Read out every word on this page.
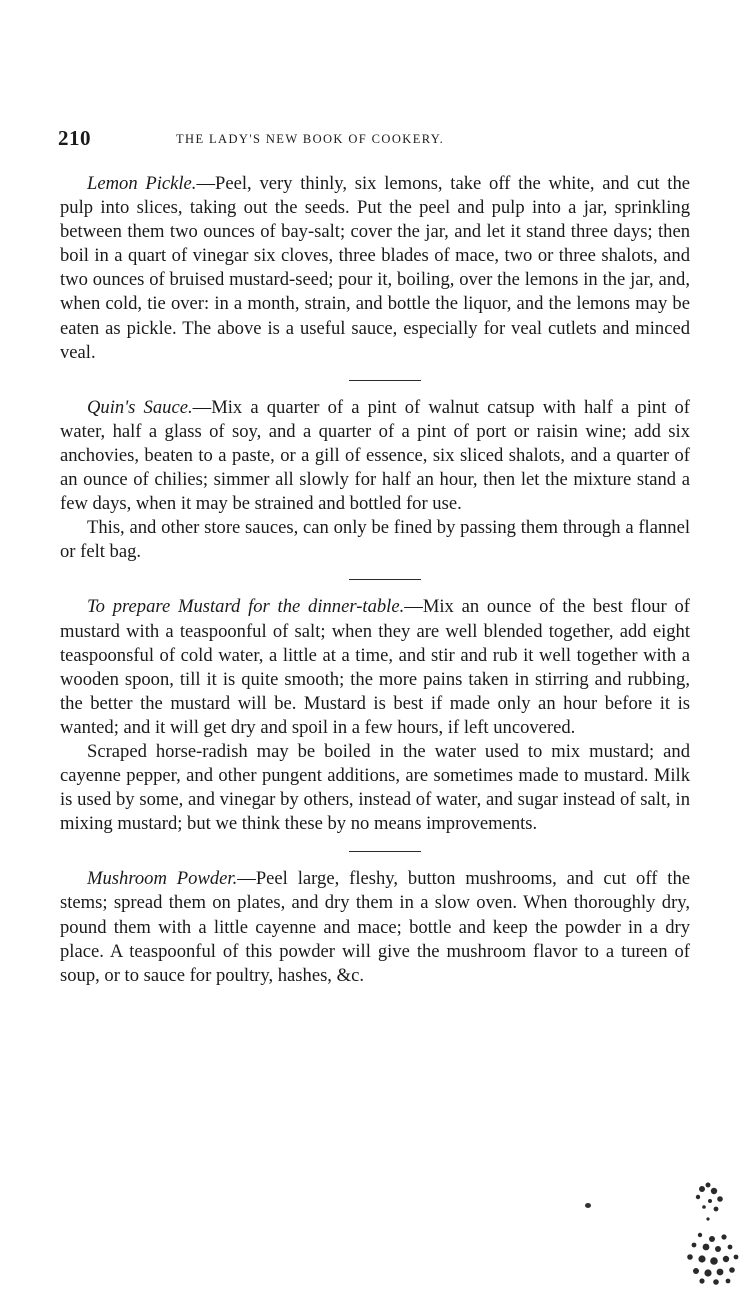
210	THE LADY'S NEW BOOK OF COOKERY.

Lemon Pickle.—Peel, very thinly, six lemons, take off the white, and cut the pulp into slices, taking out the seeds. Put the peel and pulp into a jar, sprinkling between them two ounces of bay-salt; cover the jar, and let it stand three days; then boil in a quart of vinegar six cloves, three blades of mace, two or three shalots, and two ounces of bruised mustard-seed; pour it, boiling, over the lemons in the jar, and, when cold, tie over: in a month, strain, and bottle the liquor, and the lemons may be eaten as pickle. The above is a useful sauce, especially for veal cutlets and minced veal.

Quin's Sauce.—Mix a quarter of a pint of walnut catsup with half a pint of water, half a glass of soy, and a quarter of a pint of port or raisin wine; add six anchovies, beaten to a paste, or a gill of essence, six sliced shalots, and a quarter of an ounce of chilies; simmer all slowly for half an hour, then let the mixture stand a few days, when it may be strained and bottled for use.

This, and other store sauces, can only be fined by passing them through a flannel or felt bag.

To prepare Mustard for the dinner-table.—Mix an ounce of the best flour of mustard with a teaspoonful of salt; when they are well blended together, add eight teaspoonsful of cold water, a little at a time, and stir and rub it well together with a wooden spoon, till it is quite smooth; the more pains taken in stirring and rubbing, the better the mustard will be. Mustard is best if made only an hour before it is wanted; and it will get dry and spoil in a few hours, if left uncovered.

Scraped horse-radish may be boiled in the water used to mix mustard; and cayenne pepper, and other pungent additions, are sometimes made to mustard. Milk is used by some, and vinegar by others, instead of water, and sugar instead of salt, in mixing mustard; but we think these by no means improvements.

Mushroom Powder.—Peel large, fleshy, button mushrooms, and cut off the stems; spread them on plates, and dry them in a slow oven. When thoroughly dry, pound them with a little cayenne and mace; bottle and keep the powder in a dry place. A teaspoonful of this powder will give the mushroom flavor to a tureen of soup, or to sauce for poultry, hashes, &c.
